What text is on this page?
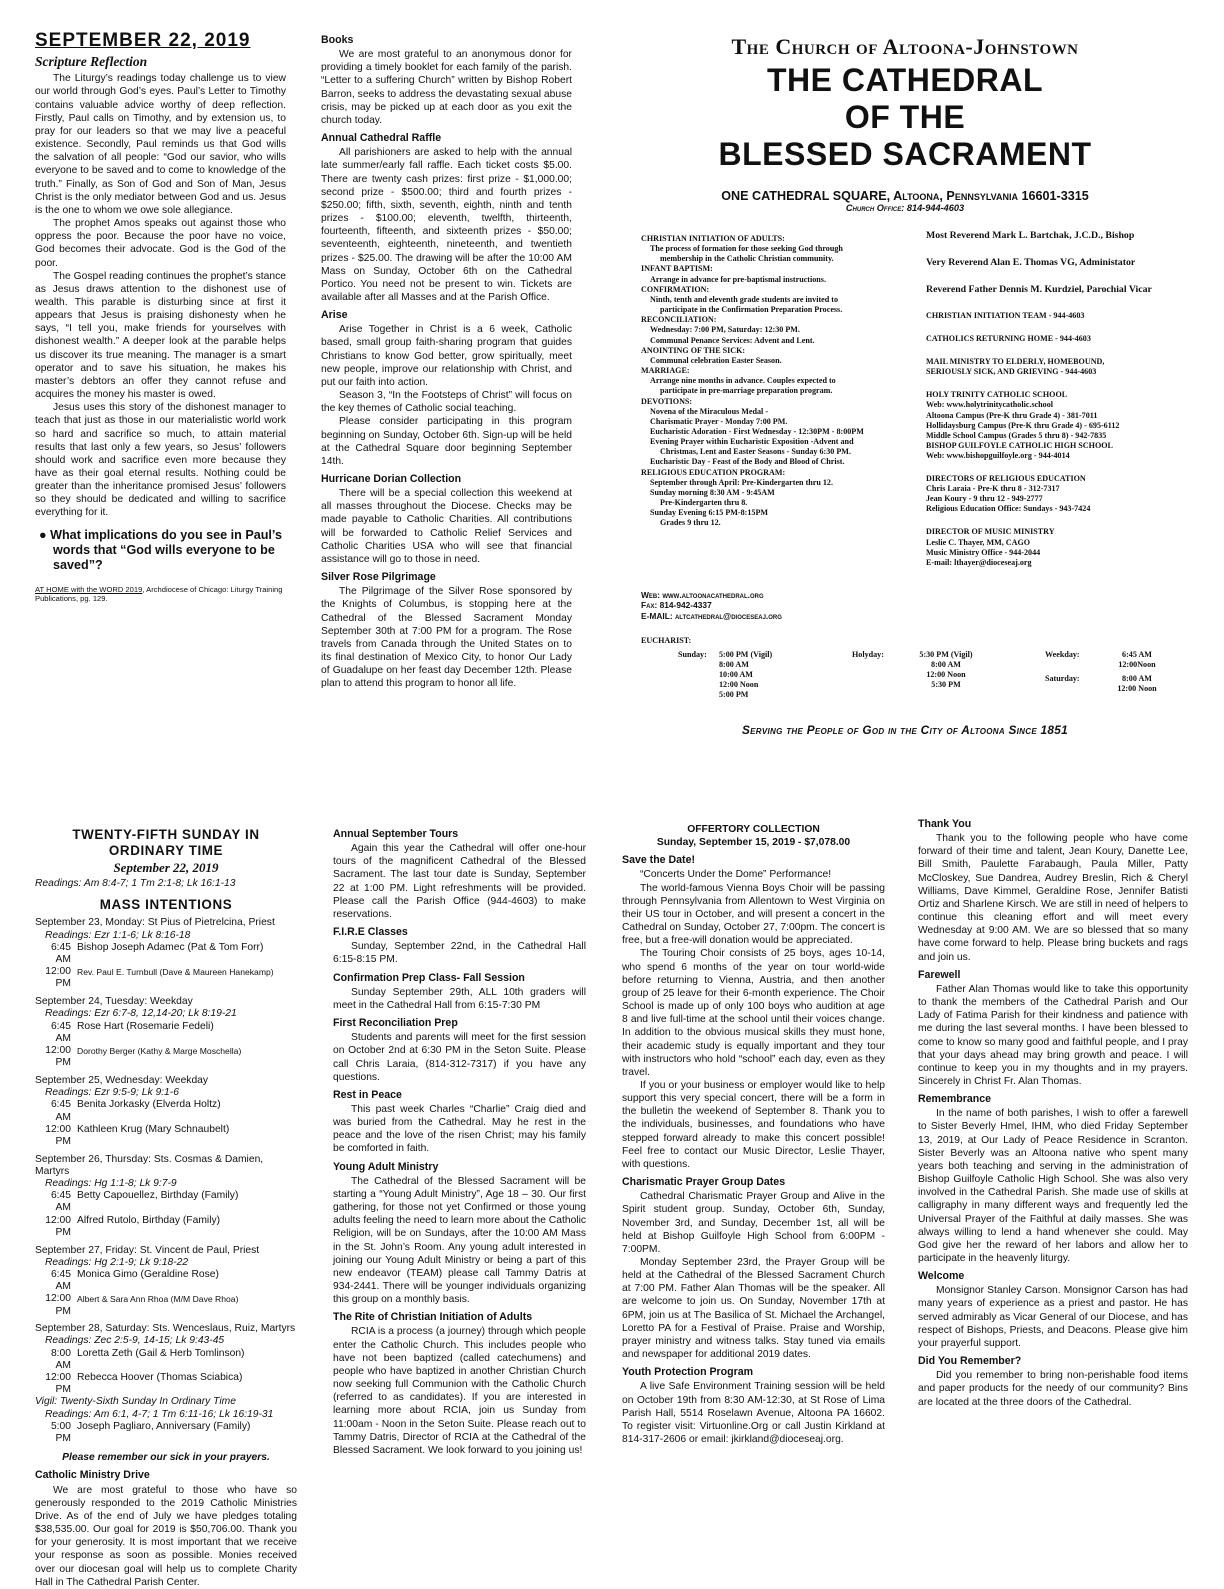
SEPTEMBER 22, 2019
Scripture Reflection

The Liturgy’s readings today challenge us to view our world through God’s eyes. Paul’s Letter to Timothy contains valuable advice worthy of deep reflection. Firstly, Paul calls on Timothy, and by extension us, to pray for our leaders so that we may live a peaceful existence. Secondly, Paul reminds us that God wills the salvation of all people: “God our savior, who wills everyone to be saved and to come to knowledge of the truth.” Finally, as Son of God and Son of Man, Jesus Christ is the only mediator between God and us. Jesus is the one to whom we owe sole allegiance.

The prophet Amos speaks out against those who oppress the poor. Because the poor have no voice, God becomes their advocate. God is the God of the poor.

The Gospel reading continues the prophet’s stance as Jesus draws attention to the dishonest use of wealth. This parable is disturbing since at first it appears that Jesus is praising dishonesty when he says, “I tell you, make friends for yourselves with dishonest wealth.” A deeper look at the parable helps us discover its true meaning. The manager is a smart operator and to save his situation, he makes his master’s debtors an offer they cannot refuse and acquires the money his master is owed.

Jesus uses this story of the dishonest manager to teach that just as those in our materialistic world work so hard and sacrifice so much, to attain material results that last only a few years, so Jesus’ followers should work and sacrifice even more because they have as their goal eternal results. Nothing could be greater than the inheritance promised Jesus’ followers so they should be dedicated and willing to sacrifice everything for it.

● What implications do you see in Paul’s words that “God wills everyone to be saved”?
AT HOME with the WORD 2019, Archdiocese of Chicago: Liturgy Training Publications, pg. 129.
Books

We are most grateful to an anonymous donor for providing a timely booklet for each family of the parish. “Letter to a suffering Church” written by Bishop Robert Barron, seeks to address the devastating sexual abuse crisis, may be picked up at each door as you exit the church today.

Annual Cathedral Raffle

All parishioners are asked to help with the annual late summer/early fall raffle. Each ticket costs $5.00. There are twenty cash prizes: first prize - $1,000.00; second prize - $500.00; third and fourth prizes - $250.00; fifth, sixth, seventh, eighth, ninth and tenth prizes - $100.00; eleventh, twelfth, thirteenth, fourteenth, fifteenth, and sixteenth prizes - $50.00; seventeenth, eighteenth, nineteenth, and twentieth prizes - $25.00. The drawing will be after the 10:00 AM Mass on Sunday, October 6th on the Cathedral Portico. You need not be present to win. Tickets are available after all Masses and at the Parish Office.

Arise

Arise Together in Christ is a 6 week, Catholic based, small group faith-sharing program that guides Christians to know God better, grow spiritually, meet new people, improve our relationship with Christ, and put our faith into action.

Season 3, “In the Footsteps of Christ” will focus on the key themes of Catholic social teaching.

Please consider participating in this program beginning on Sunday, October 6th. Sign-up will be held at the Cathedral Square door beginning September 14th.

Hurricane Dorian Collection

There will be a special collection this weekend at all masses throughout the Diocese. Checks may be made payable to Catholic Charities. All contributions will be forwarded to Catholic Relief Services and Catholic Charities USA who will see that financial assistance will go to those in need.

Silver Rose Pilgrimage

The Pilgrimage of the Silver Rose sponsored by the Knights of Columbus, is stopping here at the Cathedral of the Blessed Sacrament Monday September 30th at 7:00 PM for a program. The Rose travels from Canada through the United States on to its final destination of Mexico City, to honor Our Lady of Guadalupe on her feast day December 12th. Please plan to attend this program to honor all life.

The Church of Altoona-Johnstown
THE CATHEDRAL
OF THE
BLESSED SACRAMENT
ONE CATHEDRAL SQUARE, Altoona, Pennsylvania 16601-3315
Church Office: 814-944-4603
CHRISTIAN INITIATION OF ADULTS:
The process of formation for those seeking God through
membership in the Catholic Christian community.
INFANT BAPTISM:
Arrange in advance for pre-baptismal instructions.
CONFIRMATION:
Ninth, tenth and eleventh grade students are invited to
participate in the Confirmation Preparation Process.
RECONCILIATION:
Wednesday: 7:00 PM, Saturday: 12:30 PM.
Communal Penance Services: Advent and Lent.
ANOINTING OF THE SICK:
Communal celebration Easter Season.
MARRIAGE:
Arrange nine months in advance. Couples expected to
participate in pre-marriage preparation program.
DEVOTIONS:
Novena of the Miraculous Medal -
Charismatic Prayer - Monday 7:00 PM.
Eucharistic Adoration - First Wednesday - 12:30PM - 8:00PM
Evening Prayer within Eucharistic Exposition -Advent and
Christmas, Lent and Easter Seasons - Sunday 6:30 PM.
Eucharistic Day - Feast of the Body and Blood of Christ.
RELIGIOUS EDUCATION PROGRAM:
September through April: Pre-Kindergarten thru 12.
Sunday morning 8:30 AM - 9:45AM
Pre-Kindergarten thru 8.
Sunday Evening 6:15 PM-8:15PM
Grades 9 thru 12.
Most Reverend Mark L. Bartchak, J.C.D., Bishop
Very Reverend Alan E. Thomas VG, Administator
Reverend Father Dennis M. Kurdziel, Parochial Vicar
CHRISTIAN INITIATION TEAM - 944-4603
CATHOLICS RETURNING HOME - 944-4603
MAIL MINISTRY TO ELDERLY, HOMEBOUND,
SERIOUSLY SICK, AND GRIEVING - 944-4603
HOLY TRINITY CATHOLIC SCHOOL
Web: www.holytrinitycatholic.school
Altoona Campus (Pre-K thru Grade 4) - 381-7011
Hollidaysburg Campus (Pre-K thru Grade 4) - 695-6112
Middle School Campus (Grades 5 thru 8) - 942-7835
BISHOP GUILFOYLE CATHOLIC HIGH SCHOOL
Web: www.bishopguilfoyle.org - 944-4014
DIRECTORS OF RELIGIOUS EDUCATION
Chris Laraia - Pre-K thru 8 - 312-7317
Jean Koury - 9 thru 12 - 949-2777
Religious Education Office: Sundays - 943-7424
DIRECTOR OF MUSIC MINISTRY
Leslie C. Thayer, MM, CAGO
Music Ministry Office - 944-2044
E-mail: lthayer@dioceseaj.org
Web: www.altoonacathedral.org
Fax: 814-942-4337
E-MAIL: altcathedral@dioceseaj.org
EUCHARIST:
Sunday: 5:00 PM (Vigil)
8:00 AM
10:00 AM
12:00 Noon
5:00 PM
Holyday:	5:30 PM (Vigil)
8:00 AM
12:00 Noon
5:30 PM
Weekday:	6:45 AM
12:00Noon
Saturday:	8:00 AM
12:00 Noon
Serving the People of God in the City of Altoona Since 1851
TWENTY-FIFTH SUNDAY IN
ORDINARY TIME
September 22, 2019
Readings: Am 8:4-7; 1 Tm 2:1-8; Lk 16:1-13
MASS INTENTIONS
September 23, Monday: St Pius of Pietrelcina, Priest
Readings: Ezr 1:1-6; Lk 8:16-18
6:45 AM
Bishop Joseph Adamec (Pat & Tom Forr)
12:00 PM
Rev. Paul E. Turnbull (Dave & Maureen Hanekamp)
September 24, Tuesday: Weekday
Readings: Ezr 6:7-8, 12,14-20; Lk 8:19-21
6:45 AM
Rose Hart (Rosemarie Fedeli)
12:00 PM
Dorothy Berger (Kathy & Marge Moschella)
September 25, Wednesday: Weekday
Readings: Ezr 9:5-9; Lk 9:1-6
6:45 AM
Benita Jorkasky (Elverda Holtz)
12:00 PM
Kathleen Krug (Mary Schnaubelt)
September 26, Thursday: Sts. Cosmas & Damien, Martyrs
Readings: Hg 1:1-8; Lk 9:7-9
6:45 AM
Betty Capouellez, Birthday (Family)
12:00 PM
Alfred Rutolo, Birthday (Family)
September 27, Friday: St. Vincent de Paul, Priest
Readings: Hg 2:1-9; Lk 9:18-22
6:45 AM
Monica Gimo (Geraldine Rose)
12:00 PM
Albert & Sara Ann Rhoa (M/M Dave Rhoa)
September 28, Saturday: Sts. Wenceslaus, Ruiz, Martyrs
Readings: Zec 2:5-9, 14-15; Lk 9:43-45
8:00 AM
Loretta Zeth (Gail & Herb Tomlinson)
12:00 PM
Rebecca Hoover (Thomas Sciabica)
Vigil: Twenty-Sixth Sunday In Ordinary Time
Readings: Am 6:1, 4-7; 1 Tm 6:11-16; Lk 16:19-31
5:00 PM
Joseph Pagliaro, Anniversary (Family)
Please remember our sick in your prayers.
Catholic Ministry Drive

We are most grateful to those who have so generously responded to the 2019 Catholic Ministries Drive. As of the end of July we have pledges totaling $38,535.00. Our goal for 2019 is $50,706.00. Thank you for your generosity. It is most important that we receive your response as soon as possible. Monies received over our diocesan goal will help us to complete Charity Hall in The Cathedral Parish Center.

Annual September Tours

Again this year the Cathedral will offer one-hour tours of the magnificent Cathedral of the Blessed Sacrament. The last tour date is Sunday, September 22 at 1:00 PM. Light refreshments will be provided. Please call the Parish Office (944-4603) to make reservations.

F.I.R.E Classes

Sunday, September 22nd, in the Cathedral Hall 6:15-8:15 PM.

Confirmation Prep Class- Fall Session

Sunday September 29th, ALL 10th graders will meet in the Cathedral Hall from 6:15-7:30 PM

First Reconciliation Prep

Students and parents will meet for the first session on October 2nd at 6:30 PM in the Seton Suite. Please call Chris Laraia, (814-312-7317) if you have any questions.

Rest in Peace

This past week Charles “Charlie” Craig died and was buried from the Cathedral. May he rest in the peace and the love of the risen Christ; may his family be comforted in faith.

Young Adult Ministry

The Cathedral of the Blessed Sacrament will be starting a “Young Adult Ministry”, Age 18 – 30. Our first gathering, for those not yet Confirmed or those young adults feeling the need to learn more about the Catholic Religion, will be on Sundays, after the 10:00 AM Mass in the St. John’s Room. Any young adult interested in joining our Young Adult Ministry or being a part of this new endeavor (TEAM) please call Tammy Datris at 934-2441. There will be younger individuals organizing this group on a monthly basis.

The Rite of Christian Initiation of Adults

RCIA is a process (a journey) through which people enter the Catholic Church. This includes people who have not been baptized (called catechumens) and people who have baptized in another Christian Church now seeking full Communion with the Catholic Church (referred to as candidates). If you are interested in learning more about RCIA, join us Sunday from 11:00am - Noon in the Seton Suite. Please reach out to Tammy Datris, Director of RCIA at the Cathedral of the Blessed Sacrament. We look forward to you joining us!

OFFERTORY COLLECTION
Sunday, September 15, 2019 - $7,078.00
Save the Date!

“Concerts Under the Dome” Performance!

The world-famous Vienna Boys Choir will be passing through Pennsylvania from Allentown to West Virginia on their US tour in October, and will present a concert in the Cathedral on Sunday, October 27, 7:00pm. The concert is free, but a free-will donation would be appreciated.

The Touring Choir consists of 25 boys, ages 10-14, who spend 6 months of the year on tour world-wide before returning to Vienna, Austria, and then another group of 25 leave for their 6-month experience. The Choir School is made up of only 100 boys who audition at age 8 and live full-time at the school until their voices change. In addition to the obvious musical skills they must hone, their academic study is equally important and they tour with instructors who hold “school” each day, even as they travel.

If you or your business or employer would like to help support this very special concert, there will be a form in the bulletin the weekend of September 8. Thank you to the individuals, businesses, and foundations who have stepped forward already to make this concert possible! Feel free to contact our Music Director, Leslie Thayer, with questions.

Charismatic Prayer Group Dates

Cathedral Charismatic Prayer Group and Alive in the Spirit student group. Sunday, October 6th, Sunday, November 3rd, and Sunday, December 1st, all will be held at Bishop Guilfoyle High School from 6:00PM - 7:00PM.

Monday September 23rd, the Prayer Group will be held at the Cathedral of the Blessed Sacrament Church at 7:00 PM. Father Alan Thomas will be the speaker. All are welcome to join us. On Sunday, November 17th at 6PM, join us at The Basilica of St. Michael the Archangel, Loretto PA for a Festival of Praise. Praise and Worship, prayer ministry and witness talks. Stay tuned via emails and newspaper for additional 2019 dates.

Youth Protection Program

A live Safe Environment Training session will be held on October 19th from 8:30 AM-12:30, at St Rose of Lima Parish Hall, 5514 Roselawn Avenue, Altoona PA 16602. To register visit: Virtuonline.Org or call Justin Kirkland at 814-317-2606 or email: jkirkland@dioceseaj.org.

Thank You

Thank you to the following people who have come forward of their time and talent, Jean Koury, Danette Lee, Bill Smith, Paulette Farabaugh, Paula Miller, Patty McCloskey, Sue Dandrea, Audrey Breslin, Rich & Cheryl Williams, Dave Kimmel, Geraldine Rose, Jennifer Batisti Ortiz and Sharlene Kirsch. We are still in need of helpers to continue this cleaning effort and will meet every Wednesday at 9:00 AM. We are so blessed that so many have come forward to help. Please bring buckets and rags and join us.

Farewell

Father Alan Thomas would like to take this opportunity to thank the members of the Cathedral Parish and Our Lady of Fatima Parish for their kindness and patience with me during the last several months. I have been blessed to come to know so many good and faithful people, and I pray that your days ahead may bring growth and peace. I will continue to keep you in my thoughts and in my prayers. Sincerely in Christ Fr. Alan Thomas.

Remembrance

In the name of both parishes, I wish to offer a farewell to Sister Beverly Hmel, IHM, who died Friday September 13, 2019, at Our Lady of Peace Residence in Scranton. Sister Beverly was an Altoona native who spent many years both teaching and serving in the administration of Bishop Guilfoyle Catholic High School. She was also very involved in the Cathedral Parish. She made use of skills at calligraphy in many different ways and frequently led the Universal Prayer of the Faithful at daily masses. She was always willing to lend a hand whenever she could. May God give her the reward of her labors and allow her to participate in the heavenly liturgy.

Welcome

Monsignor Stanley Carson. Monsignor Carson has had many years of experience as a priest and pastor. He has served admirably as Vicar General of our Diocese, and has respect of Bishops, Priests, and Deacons. Please give him your prayerful support.

Did You Remember?

Did you remember to bring non-perishable food items and paper products for the needy of our community? Bins are located at the three doors of the Cathedral.
